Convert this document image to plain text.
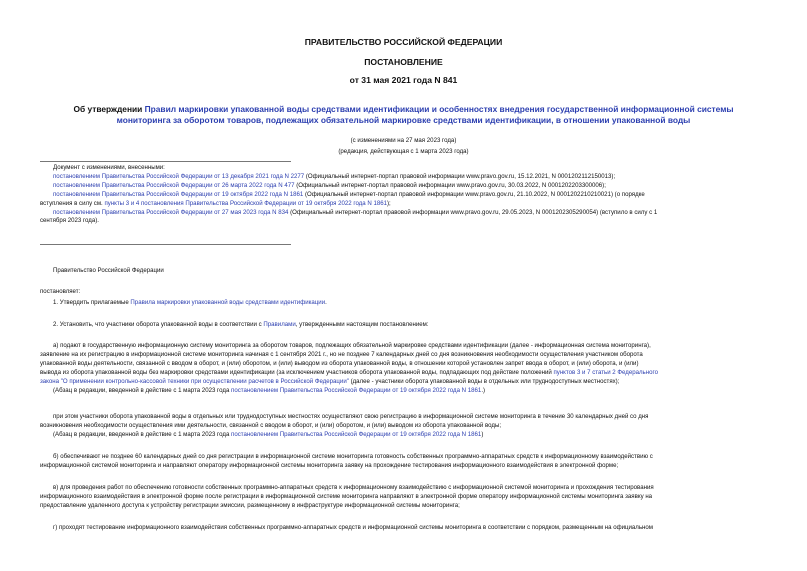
ПРАВИТЕЛЬСТВО РОССИЙСКОЙ ФЕДЕРАЦИИ
ПОСТАНОВЛЕНИЕ
от 31 мая 2021 года N 841
Об утверждении Правил маркировки упакованной воды средствами идентификации и особенностях внедрения государственной информационной системы мониторинга за оборотом товаров, подлежащих обязательной маркировке средствами идентификации, в отношении упакованной воды
(с изменениями на 27 мая 2023 года)
(редакция, действующая с 1 марта 2023 года)
Документ с изменениями, внесенными:
постановлением Правительства Российской Федерации от 13 декабря 2021 года N 2277 (Официальный интернет-портал правовой информации www.pravo.gov.ru, 15.12.2021, N 0001202112150013);
постановлением Правительства Российской Федерации от 26 марта 2022 года N 477 (Официальный интернет-портал правовой информации www.pravo.gov.ru, 30.03.2022, N 0001202203300006);
постановлением Правительства Российской Федерации от 19 октября 2022 года N 1861 (Официальный интернет-портал правовой информации www.pravo.gov.ru, 21.10.2022, N 0001202210210021) (о порядке
вступления в силу см. пункты 3 и 4 постановления Правительства Российской Федерации от 19 октября 2022 года N 1861);
постановлением Правительства Российской Федерации от 27 мая 2023 года N 834 (Официальный интернет-портал правовой информации www.pravo.gov.ru, 29.05.2023, N 0001202305290054) (вступило в силу с 1
сентября 2023 года).
Правительство Российской Федерации
постановляет:
1. Утвердить прилагаемые Правила маркировки упакованной воды средствами идентификации.
2. Установить, что участники оборота упакованной воды в соответствии с Правилами, утвержденными настоящим постановлением:
а) подают в государственную информационную систему мониторинга за оборотом товаров, подлежащих обязательной маркировке средствами идентификации (далее - информационная система мониторинга),
заявление на их регистрацию в информационной системе мониторинга начиная с 1 сентября 2021 г., но не позднее 7 календарных дней со дня возникновения необходимости осуществления участником оборота
упакованной воды деятельности, связанной с вводом в оборот, и (или) оборотом, и (или) выводом из оборота упакованной воды, в отношении которой установлен запрет ввода в оборот, и (или) оборота, и (или)
вывода из оборота упакованной воды без маркировки средствами идентификации (за исключением участников оборота упакованной воды, подпадающих под действие положений пунктов 3 и 7 статьи 2 Федерального
закона "О применении контрольно-кассовой техники при осуществлении расчетов в Российской Федерации" (далее - участники оборота упакованной воды в отдельных или труднодоступных местностях);
(Абзац в редакции, введенной в действие с 1 марта 2023 года постановлением Правительства Российской Федерации от 19 октября 2022 года N 1861.)
при этом участники оборота упакованной воды в отдельных или труднодоступных местностях осуществляют свою регистрацию в информационной системе мониторинга в течение 30 календарных дней со дня
возникновения необходимости осуществления ими деятельности, связанной с вводом в оборот, и (или) оборотом, и (или) выводом из оборота упакованной воды;
(Абзац в редакции, введенной в действие с 1 марта 2023 года постановлением Правительства Российской Федерации от 19 октября 2022 года N 1861)
б) обеспечивают не позднее 60 календарных дней со дня регистрации в информационной системе мониторинга готовность собственных программно-аппаратных средств к информационному взаимодействию с
информационной системой мониторинга и направляют оператору информационной системы мониторинга заявку на прохождение тестирования информационного взаимодействия в электронной форме;
в) для проведения работ по обеспечению готовности собственных программно-аппаратных средств к информационному взаимодействию с информационной системой мониторинга и прохождения тестирования
информационного взаимодействия в электронной форме после регистрации в информационной системе мониторинга направляют в электронной форме оператору информационной системы мониторинга заявку на
предоставление удаленного доступа к устройству регистрации эмиссии, размещенному в инфраструктуре информационной системы мониторинга;
г) проходят тестирование информационного взаимодействия собственных программно-аппаратных средств и информационной системы мониторинга в соответствии с порядком, размещенным на официальном
